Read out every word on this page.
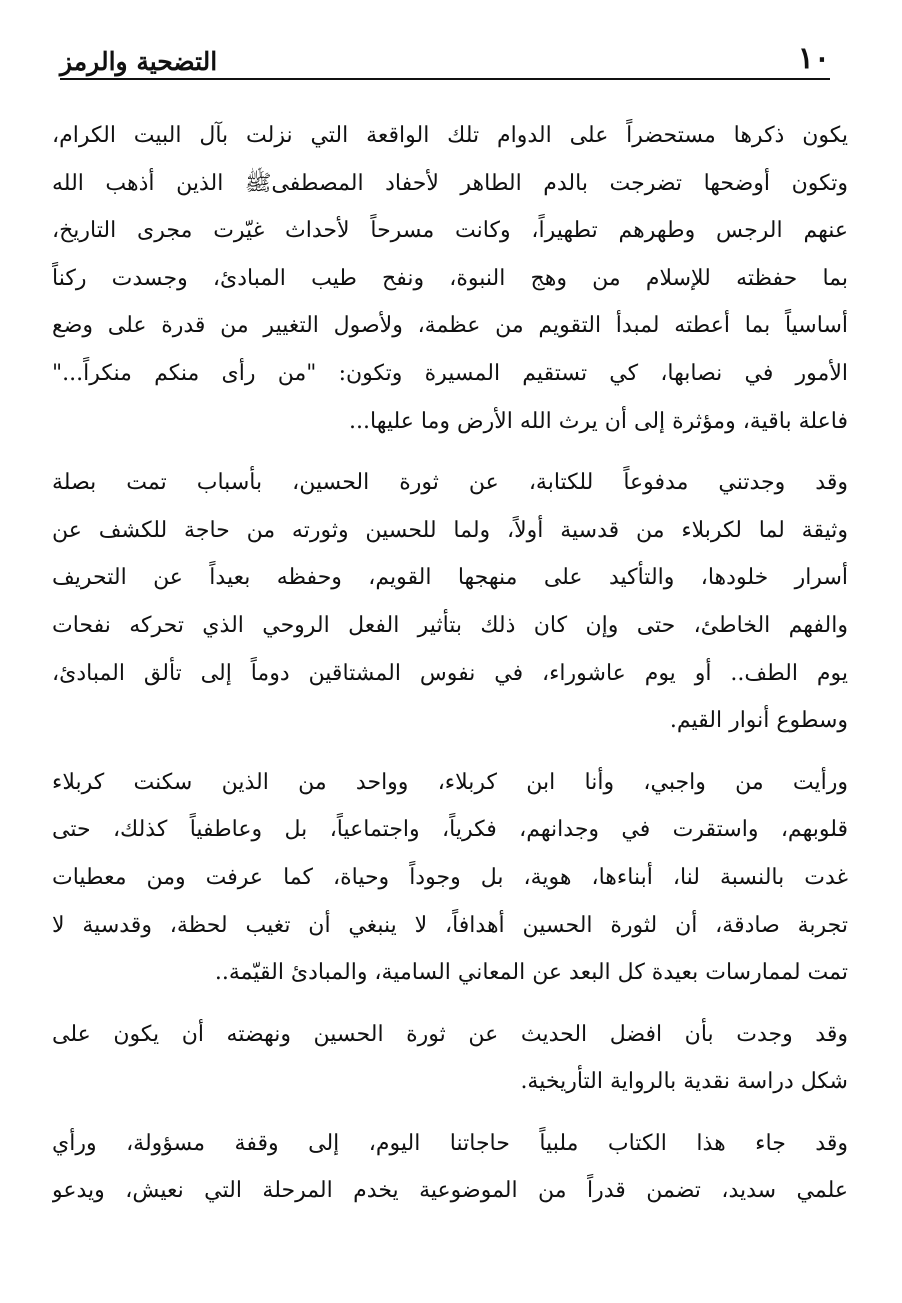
١٠
التضحية والرمز
يكون ذكرها مستحضراً على الدوام تلك الواقعة التي نزلت بآل البيت الكرام،
وتكون أوضحها تضرجت بالدم الطاهر لأحفاد المصطفىﷺ الذين أذهب الله
عنهم الرجس وطهرهم تطهيراً، وكانت مسرحاً لأحداث غيّرت مجرى التاريخ،
بما حفظته للإسلام من وهج النبوة، ونفح طيب المبادئ، وجسدت ركناً
أساسياً بما أعطته لمبدأ التقويم من عظمة، ولأصول التغيير من قدرة على وضع
الأمور في نصابها، كي تستقيم المسيرة وتكون: "من رأى منكم منكراً..."
فاعلة باقية، ومؤثرة إلى أن يرث الله الأرض وما عليها...
وقد وجدتني مدفوعاً للكتابة، عن ثورة الحسين، بأسباب تمت بصلة
وثيقة لما لكربلاء من قدسية أولاً، ولما للحسين وثورته من حاجة للكشف عن
أسرار خلودها، والتأكيد على منهجها القويم، وحفظه بعيداً عن التحريف
والفهم الخاطئ، حتى وإن كان ذلك بتأثير الفعل الروحي الذي تحركه نفحات
يوم الطف.. أو يوم عاشوراء، في نفوس المشتاقين دوماً إلى تألق المبادئ،
وسطوع أنوار القيم.
ورأيت من واجبي، وأنا ابن كربلاء، وواحد من الذين سكنت كربلاء
قلوبهم، واستقرت في وجدانهم، فكرياً، واجتماعياً، بل وعاطفياً كذلك، حتى
غدت بالنسبة لنا، أبناءها، هوية، بل وجوداً وحياة، كما عرفت ومن معطيات
تجربة صادقة، أن لثورة الحسين أهدافاً، لا ينبغي أن تغيب لحظة، وقدسية لا
تمت لممارسات بعيدة كل البعد عن المعاني السامية، والمبادئ القيّمة..
وقد وجدت بأن افضل الحديث عن ثورة الحسين ونهضته أن يكون على
شكل دراسة نقدية بالرواية التأريخية.
وقد جاء هذا الكتاب ملبياً حاجاتنا اليوم، إلى وقفة مسؤولة، ورأي
علمي سديد، تضمن قدراً من الموضوعية يخدم المرحلة التي نعيش، ويدعو
